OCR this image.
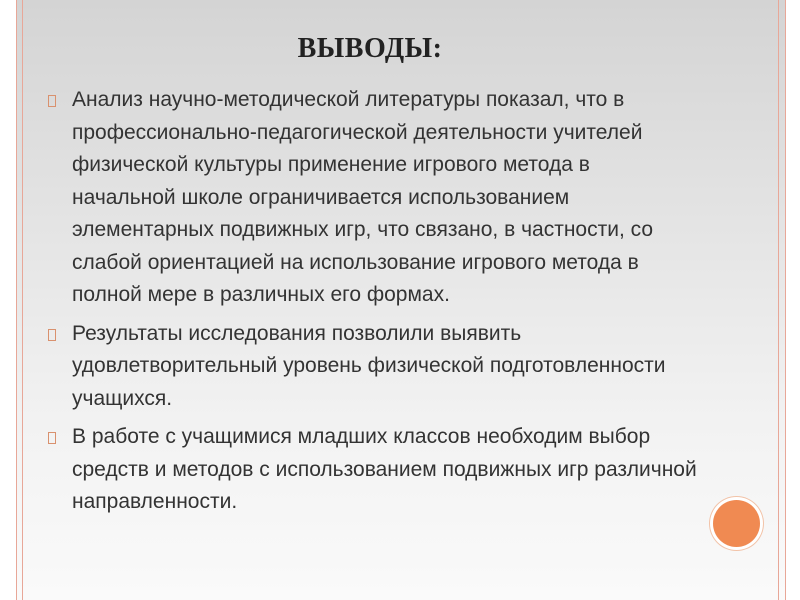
ВЫВОДЫ:
Анализ научно-методической литературы показал, что в профессионально-педагогической деятельности учителей физической культуры применение игрового метода в начальной школе ограничивается использованием элементарных подвижных игр, что связано, в частности, со слабой ориентацией на использование игрового метода в полной мере в различных его формах.
Результаты исследования позволили выявить удовлетворительный уровень физической подготовленности учащихся.
В работе с учащимися младших классов необходим выбор средств и методов с использованием подвижных игр различной направленности.
